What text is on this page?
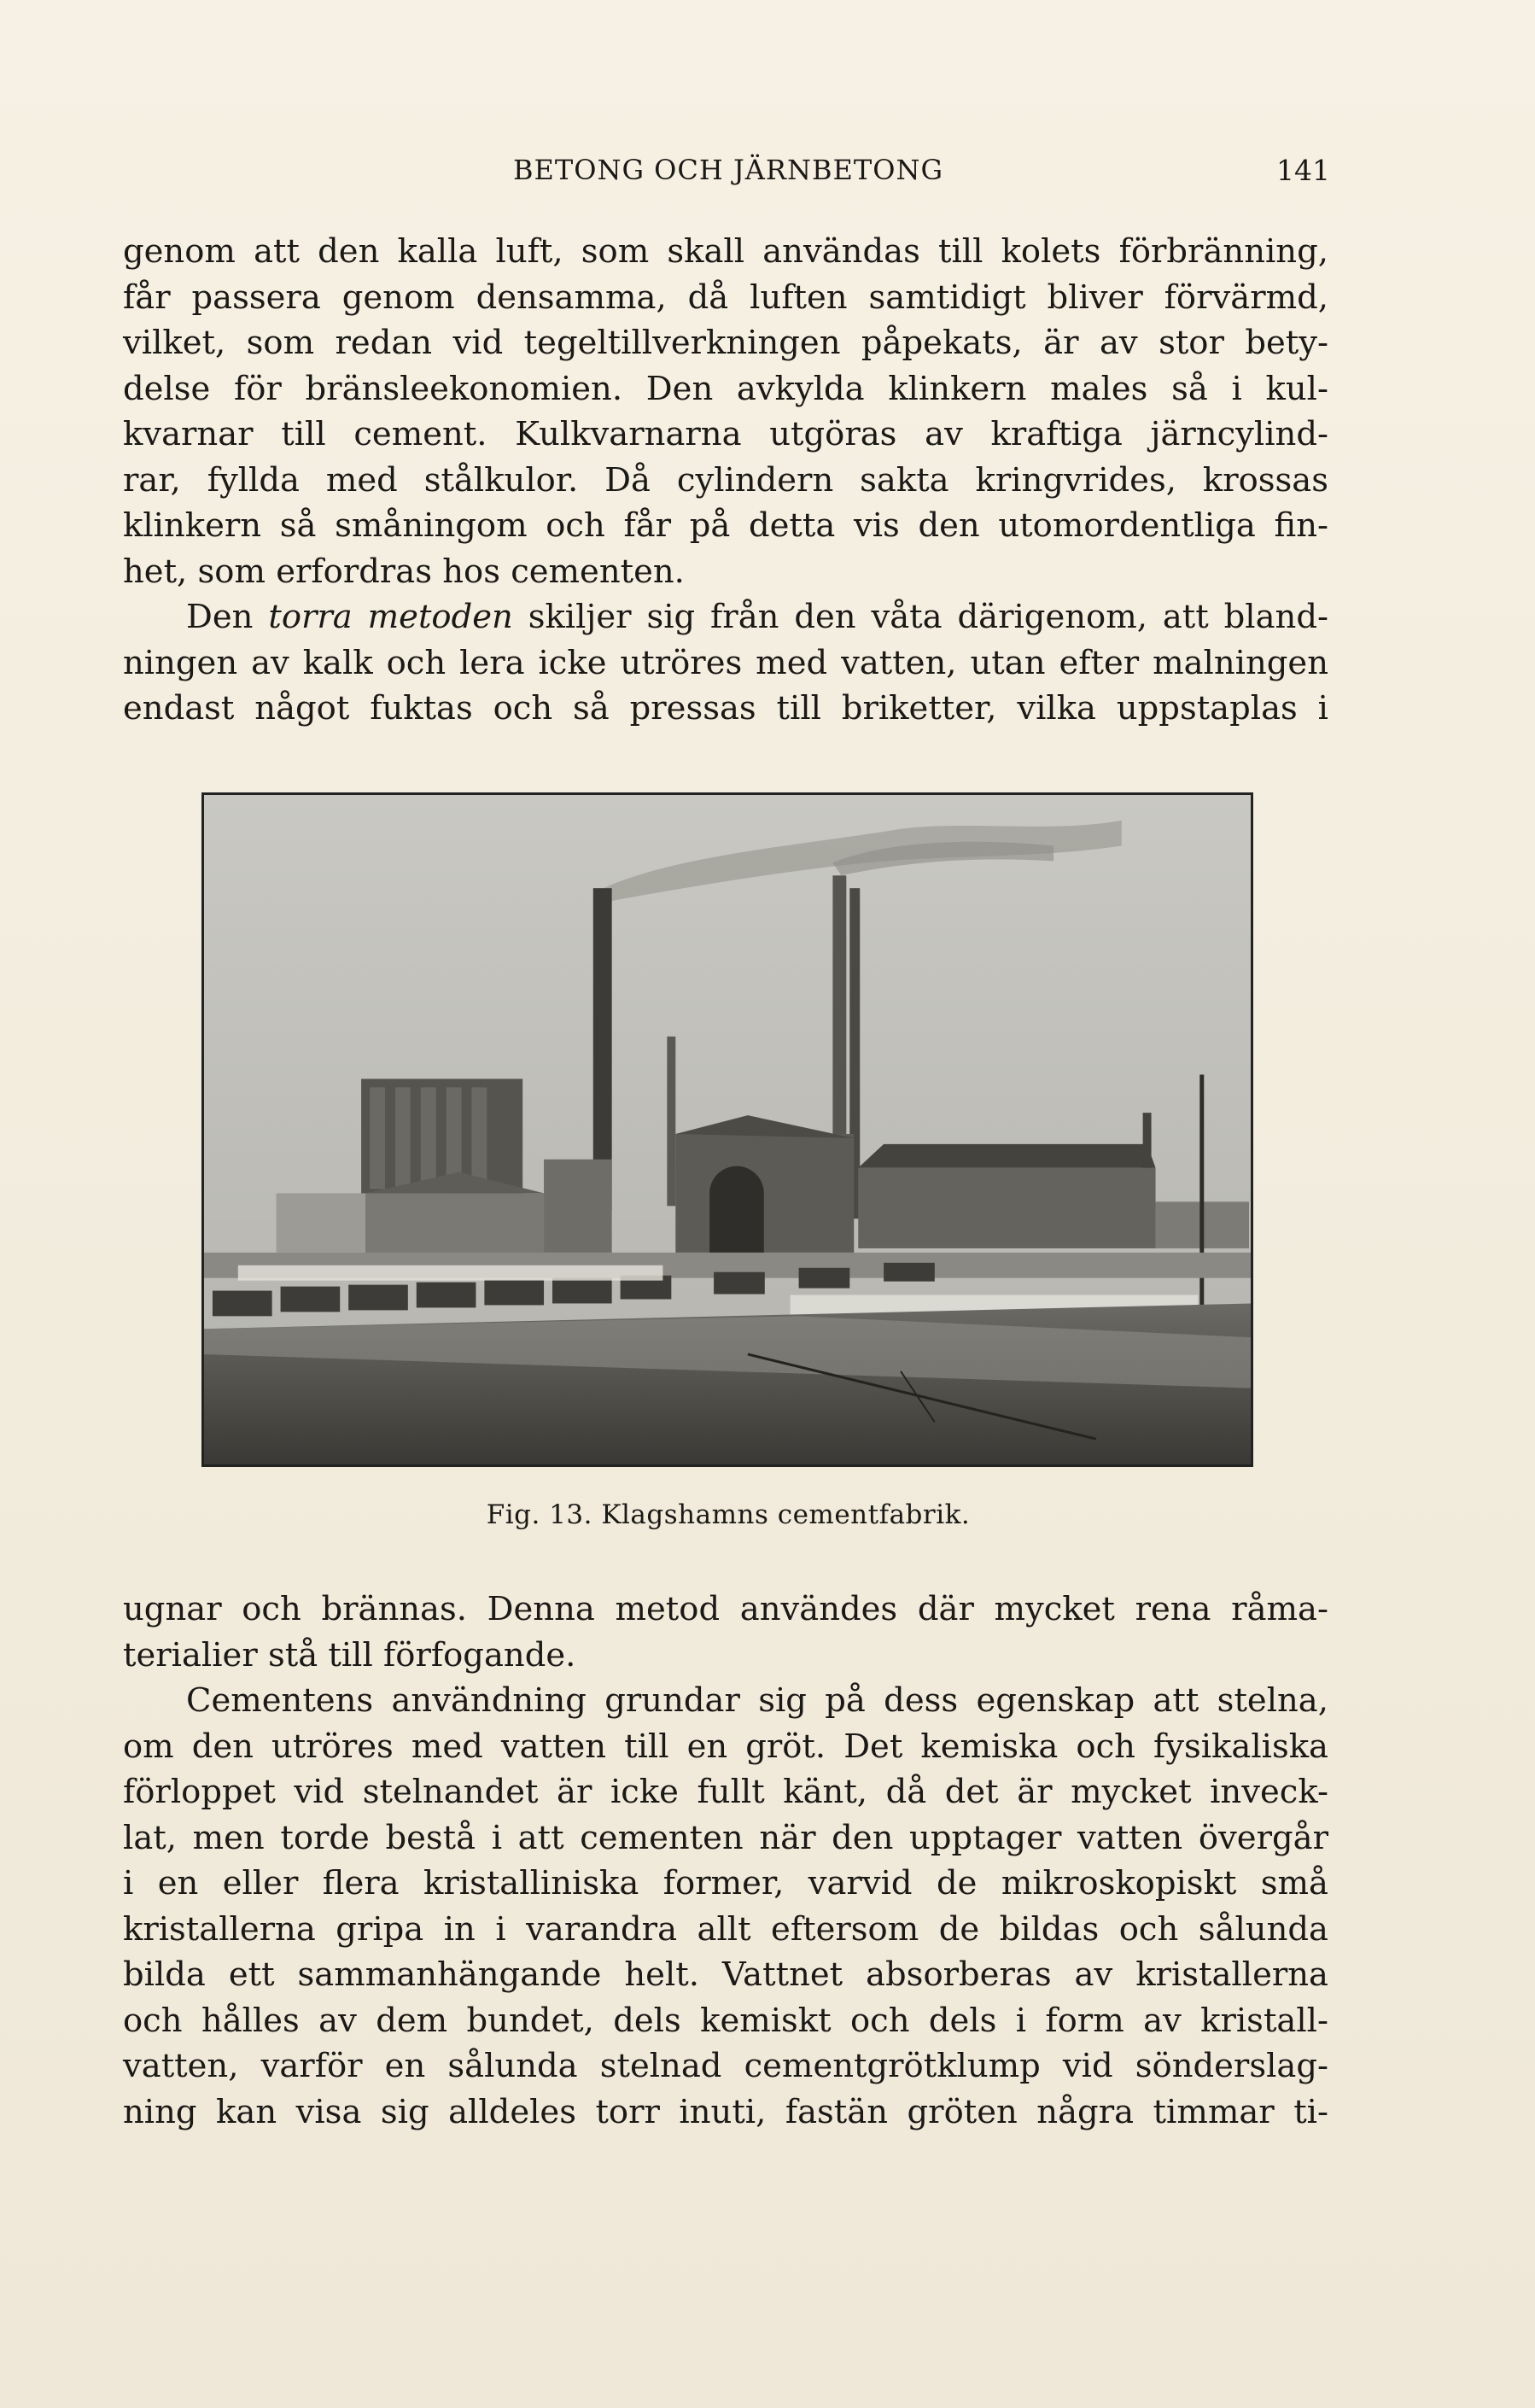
BETONG OCH JÄRNBETONG	141
genom att den kalla luft, som skall användas till kolets förbränning,
får passera genom densamma, då luften samtidigt bliver förvärmd,
vilket, som redan vid tegeltillverkningen påpekats, är av stor bety-
delse för bränsleekonomien. Den avkylda klinkern males så i kul-
kvarnar till cement. Kulkvarnarna utgöras av kraftiga järncylind-
rar, fyllda med stålkulor. Då cylindern sakta kringvrides, krossas
klinkern så småningom och får på detta vis den utomordentliga fin-
het, som erfordras hos cementen.
Den torra metoden skiljer sig från den våta därigenom, att bland-
ningen av kalk och lera icke utröres med vatten, utan efter malningen
endast något fuktas och så pressas till briketter, vilka uppstaplas i
Fig. 13. Klagshamns cementfabrik.
ugnar och brännas. Denna metod användes där mycket rena råma-
terialier stå till förfogande.
Cementens användning grundar sig på dess egenskap att stelna,
om den utröres med vatten till en gröt. Det kemiska och fysikaliska
förloppet vid stelnandet är icke fullt känt, då det är mycket inveck-
lat, men torde bestå i att cementen när den upptager vatten övergår
i en eller flera kristalliniska former, varvid de mikroskopiskt små
kristallerna gripa in i varandra allt eftersom de bildas och sålunda
bilda ett sammanhängande helt. Vattnet absorberas av kristallerna
och hålles av dem bundet, dels kemiskt och dels i form av kristall-
vatten, varför en sålunda stelnad cementgrötklump vid sönderslag-
ning kan visa sig alldeles torr inuti, fastän gröten några timmar ti-
